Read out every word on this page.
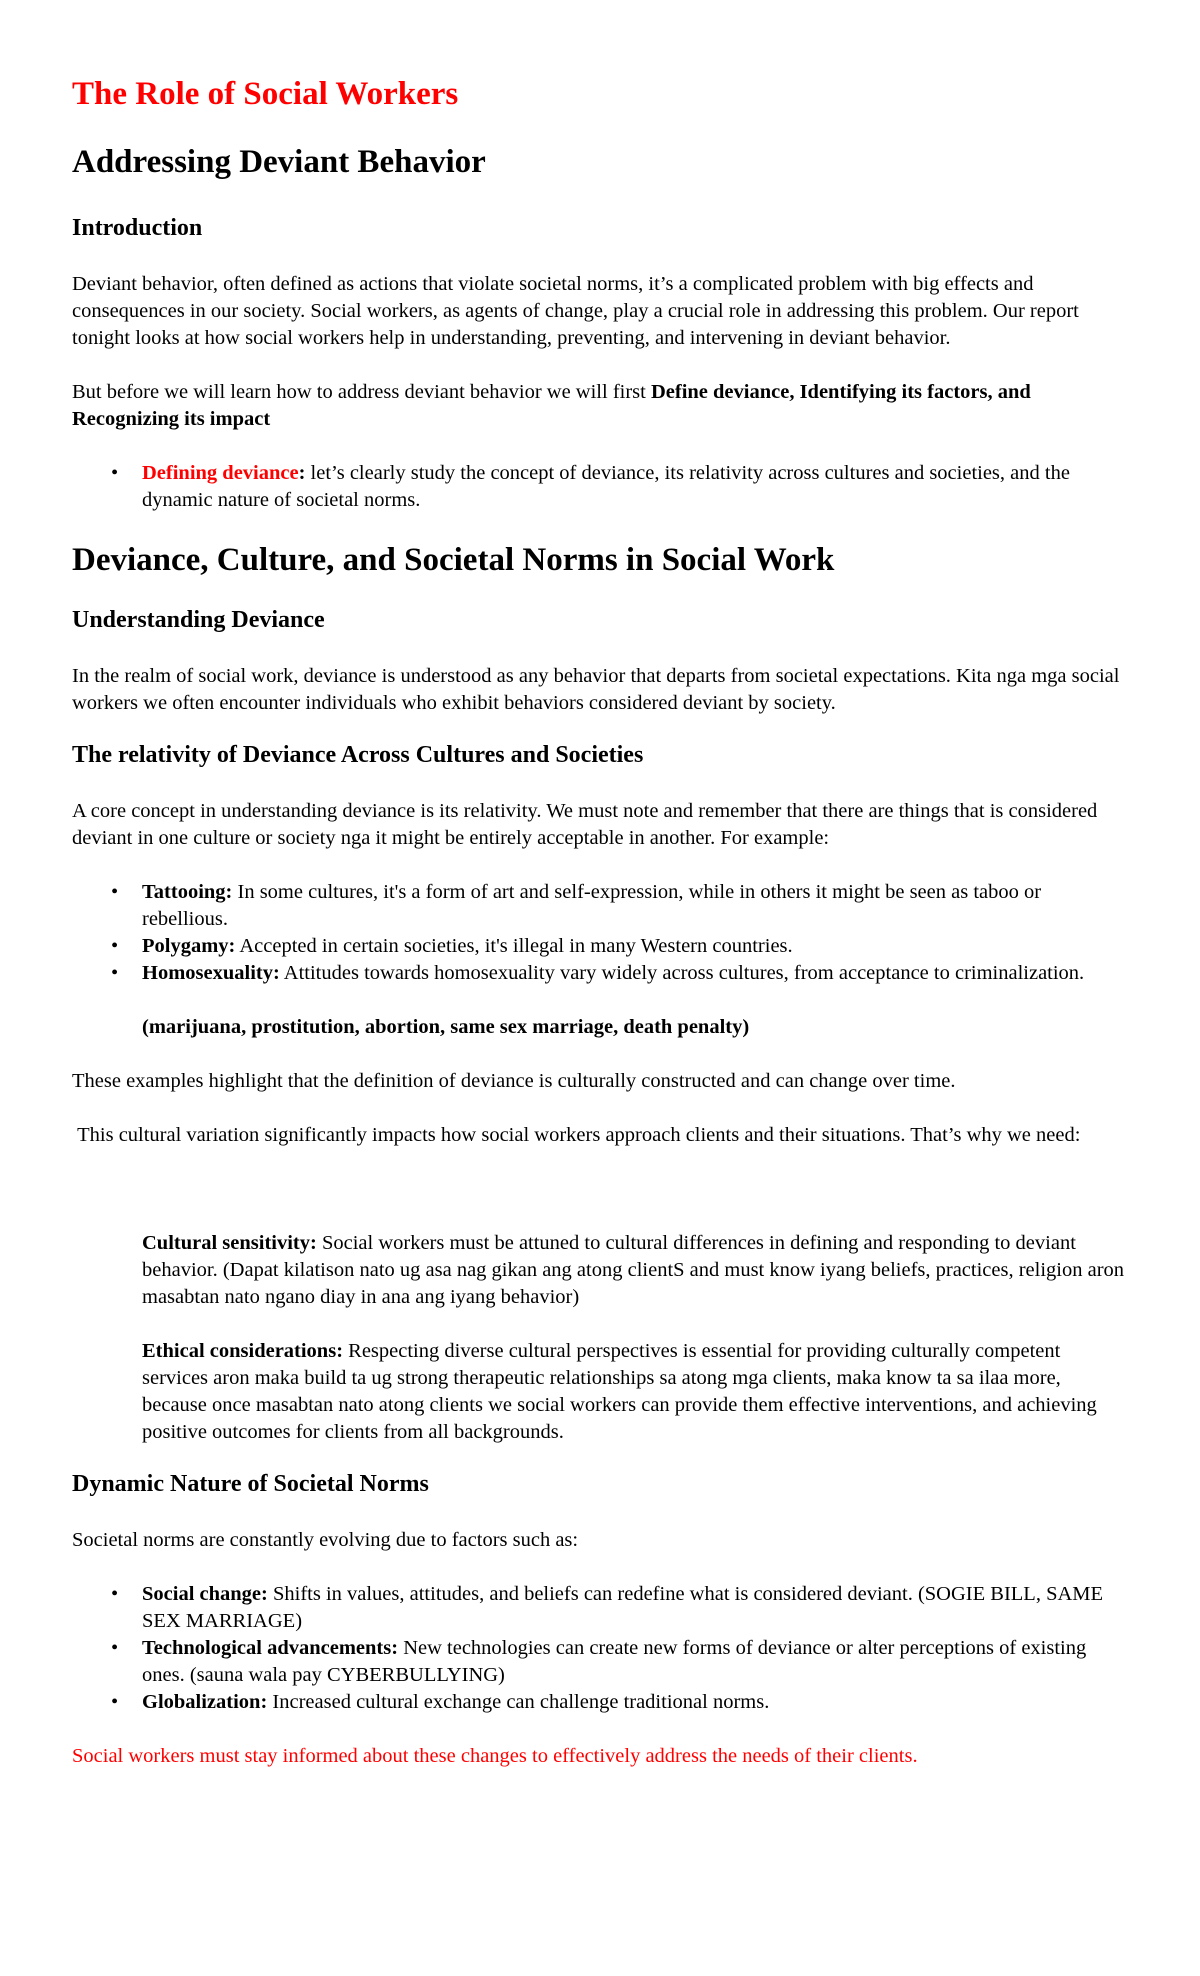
The Role of Social Workers
Addressing Deviant Behavior
Introduction

Deviant behavior, often defined as actions that violate societal norms, it’s a complicated problem with big effects and consequences in our society. Social workers, as agents of change, play a crucial role in addressing this problem. Our report tonight looks at how social workers help in understanding, preventing, and intervening in deviant behavior.

But before we will learn how to address deviant behavior we will first Define deviance, Identifying its factors, and Recognizing its impact

• Defining deviance: let’s clearly study the concept of deviance, its relativity across cultures and societies, and the dynamic nature of societal norms.
Deviance, Culture, and Societal Norms in Social Work
Understanding Deviance

In the realm of social work, deviance is understood as any behavior that departs from societal expectations. Kita nga mga social workers we often encounter individuals who exhibit behaviors considered deviant by society.

The relativity of Deviance Across Cultures and Societies

A core concept in understanding deviance is its relativity. We must note and remember that there are things that is considered deviant in one culture or society nga it might be entirely acceptable in another. For example:

• Tattooing: In some cultures, it's a form of art and self-expression, while in others it might be seen as taboo or rebellious.
• Polygamy: Accepted in certain societies, it's illegal in many Western countries.
• Homosexuality: Attitudes towards homosexuality vary widely across cultures, from acceptance to criminalization.

(marijuana, prostitution, abortion, same sex marriage, death penalty)

These examples highlight that the definition of deviance is culturally constructed and can change over time.

This cultural variation significantly impacts how social workers approach clients and their situations. That’s why we need:

Cultural sensitivity: Social workers must be attuned to cultural differences in defining and responding to deviant behavior. (Dapat kilatison nato ug asa nag gikan ang atong clientS and must know iyang beliefs, practices, religion aron masabtan nato ngano diay in ana ang iyang behavior)

Ethical considerations: Respecting diverse cultural perspectives is essential for providing culturally competent services aron maka build ta ug strong therapeutic relationships sa atong mga clients, maka know ta sa ilaa more, because once masabtan nato atong clients we social workers can provide them effective interventions, and achieving positive outcomes for clients from all backgrounds.

Dynamic Nature of Societal Norms

Societal norms are constantly evolving due to factors such as:

• Social change: Shifts in values, attitudes, and beliefs can redefine what is considered deviant. (SOGIE BILL, SAME SEX MARRIAGE)
• Technological advancements: New technologies can create new forms of deviance or alter perceptions of existing ones. (sauna wala pay CYBERBULLYING)
• Globalization: Increased cultural exchange can challenge traditional norms.

Social workers must stay informed about these changes to effectively address the needs of their clients.
